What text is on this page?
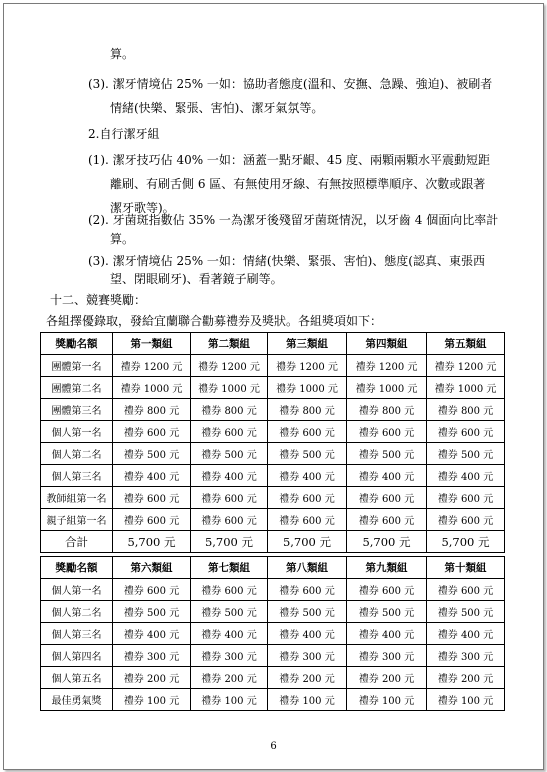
算。
(3). 潔牙情境佔 25% 一如：協助者態度(溫和、安撫、急躁、強迫)、被刷者
情緒(快樂、緊張、害怕)、潔牙氣氛等。
2.自行潔牙組
(1). 潔牙技巧佔 40% 一如：涵蓋一點牙齦、45 度、兩顆兩顆水平震動短距
離刷、有刷舌側 6 區、有無使用牙線、有無按照標準順序、次數或跟著
潔牙歌等)。
(2). 牙菌斑指數佔 35% 一為潔牙後殘留牙菌斑情況，以牙齒 4 個面向比率計
算。
(3). 潔牙情境佔 25% 一如：情緒(快樂、緊張、害怕)、態度(認真、東張西
望、閉眼刷牙)、看著鏡子刷等。
十二、競賽獎勵：
各組擇優錄取，發給宜蘭聯合勸募禮券及獎狀。各組獎項如下：
獎勵名額	第一類組	第二類組	第三類組	第四類組	第五類組
團體第一名	禮券 1200 元	禮券 1200 元	禮券 1200 元	禮券 1200 元	禮券 1200 元
團體第二名	禮券 1000 元	禮券 1000 元	禮券 1000 元	禮券 1000 元	禮券 1000 元
團體第三名	禮券 800 元	禮券 800 元	禮券 800 元	禮券 800 元	禮券 800 元
個人第一名	禮券 600 元	禮券 600 元	禮券 600 元	禮券 600 元	禮券 600 元
個人第二名	禮券 500 元	禮券 500 元	禮券 500 元	禮券 500 元	禮券 500 元
個人第三名	禮券 400 元	禮券 400 元	禮券 400 元	禮券 400 元	禮券 400 元
教師組第一名	禮券 600 元	禮券 600 元	禮券 600 元	禮券 600 元	禮券 600 元
親子組第一名	禮券 600 元	禮券 600 元	禮券 600 元	禮券 600 元	禮券 600 元
合計	5,700 元	5,700 元	5,700 元	5,700 元	5,700 元
獎勵名額	第六類組	第七類組	第八類組	第九類組	第十類組
個人第一名	禮券 600 元	禮券 600 元	禮券 600 元	禮券 600 元	禮券 600 元
個人第二名	禮券 500 元	禮券 500 元	禮券 500 元	禮券 500 元	禮券 500 元
個人第三名	禮券 400 元	禮券 400 元	禮券 400 元	禮券 400 元	禮券 400 元
個人第四名	禮券 300 元	禮券 300 元	禮券 300 元	禮券 300 元	禮券 300 元
個人第五名	禮券 200 元	禮券 200 元	禮券 200 元	禮券 200 元	禮券 200 元
最佳勇氣獎	禮券 100 元	禮券 100 元	禮券 100 元	禮券 100 元	禮券 100 元
6
